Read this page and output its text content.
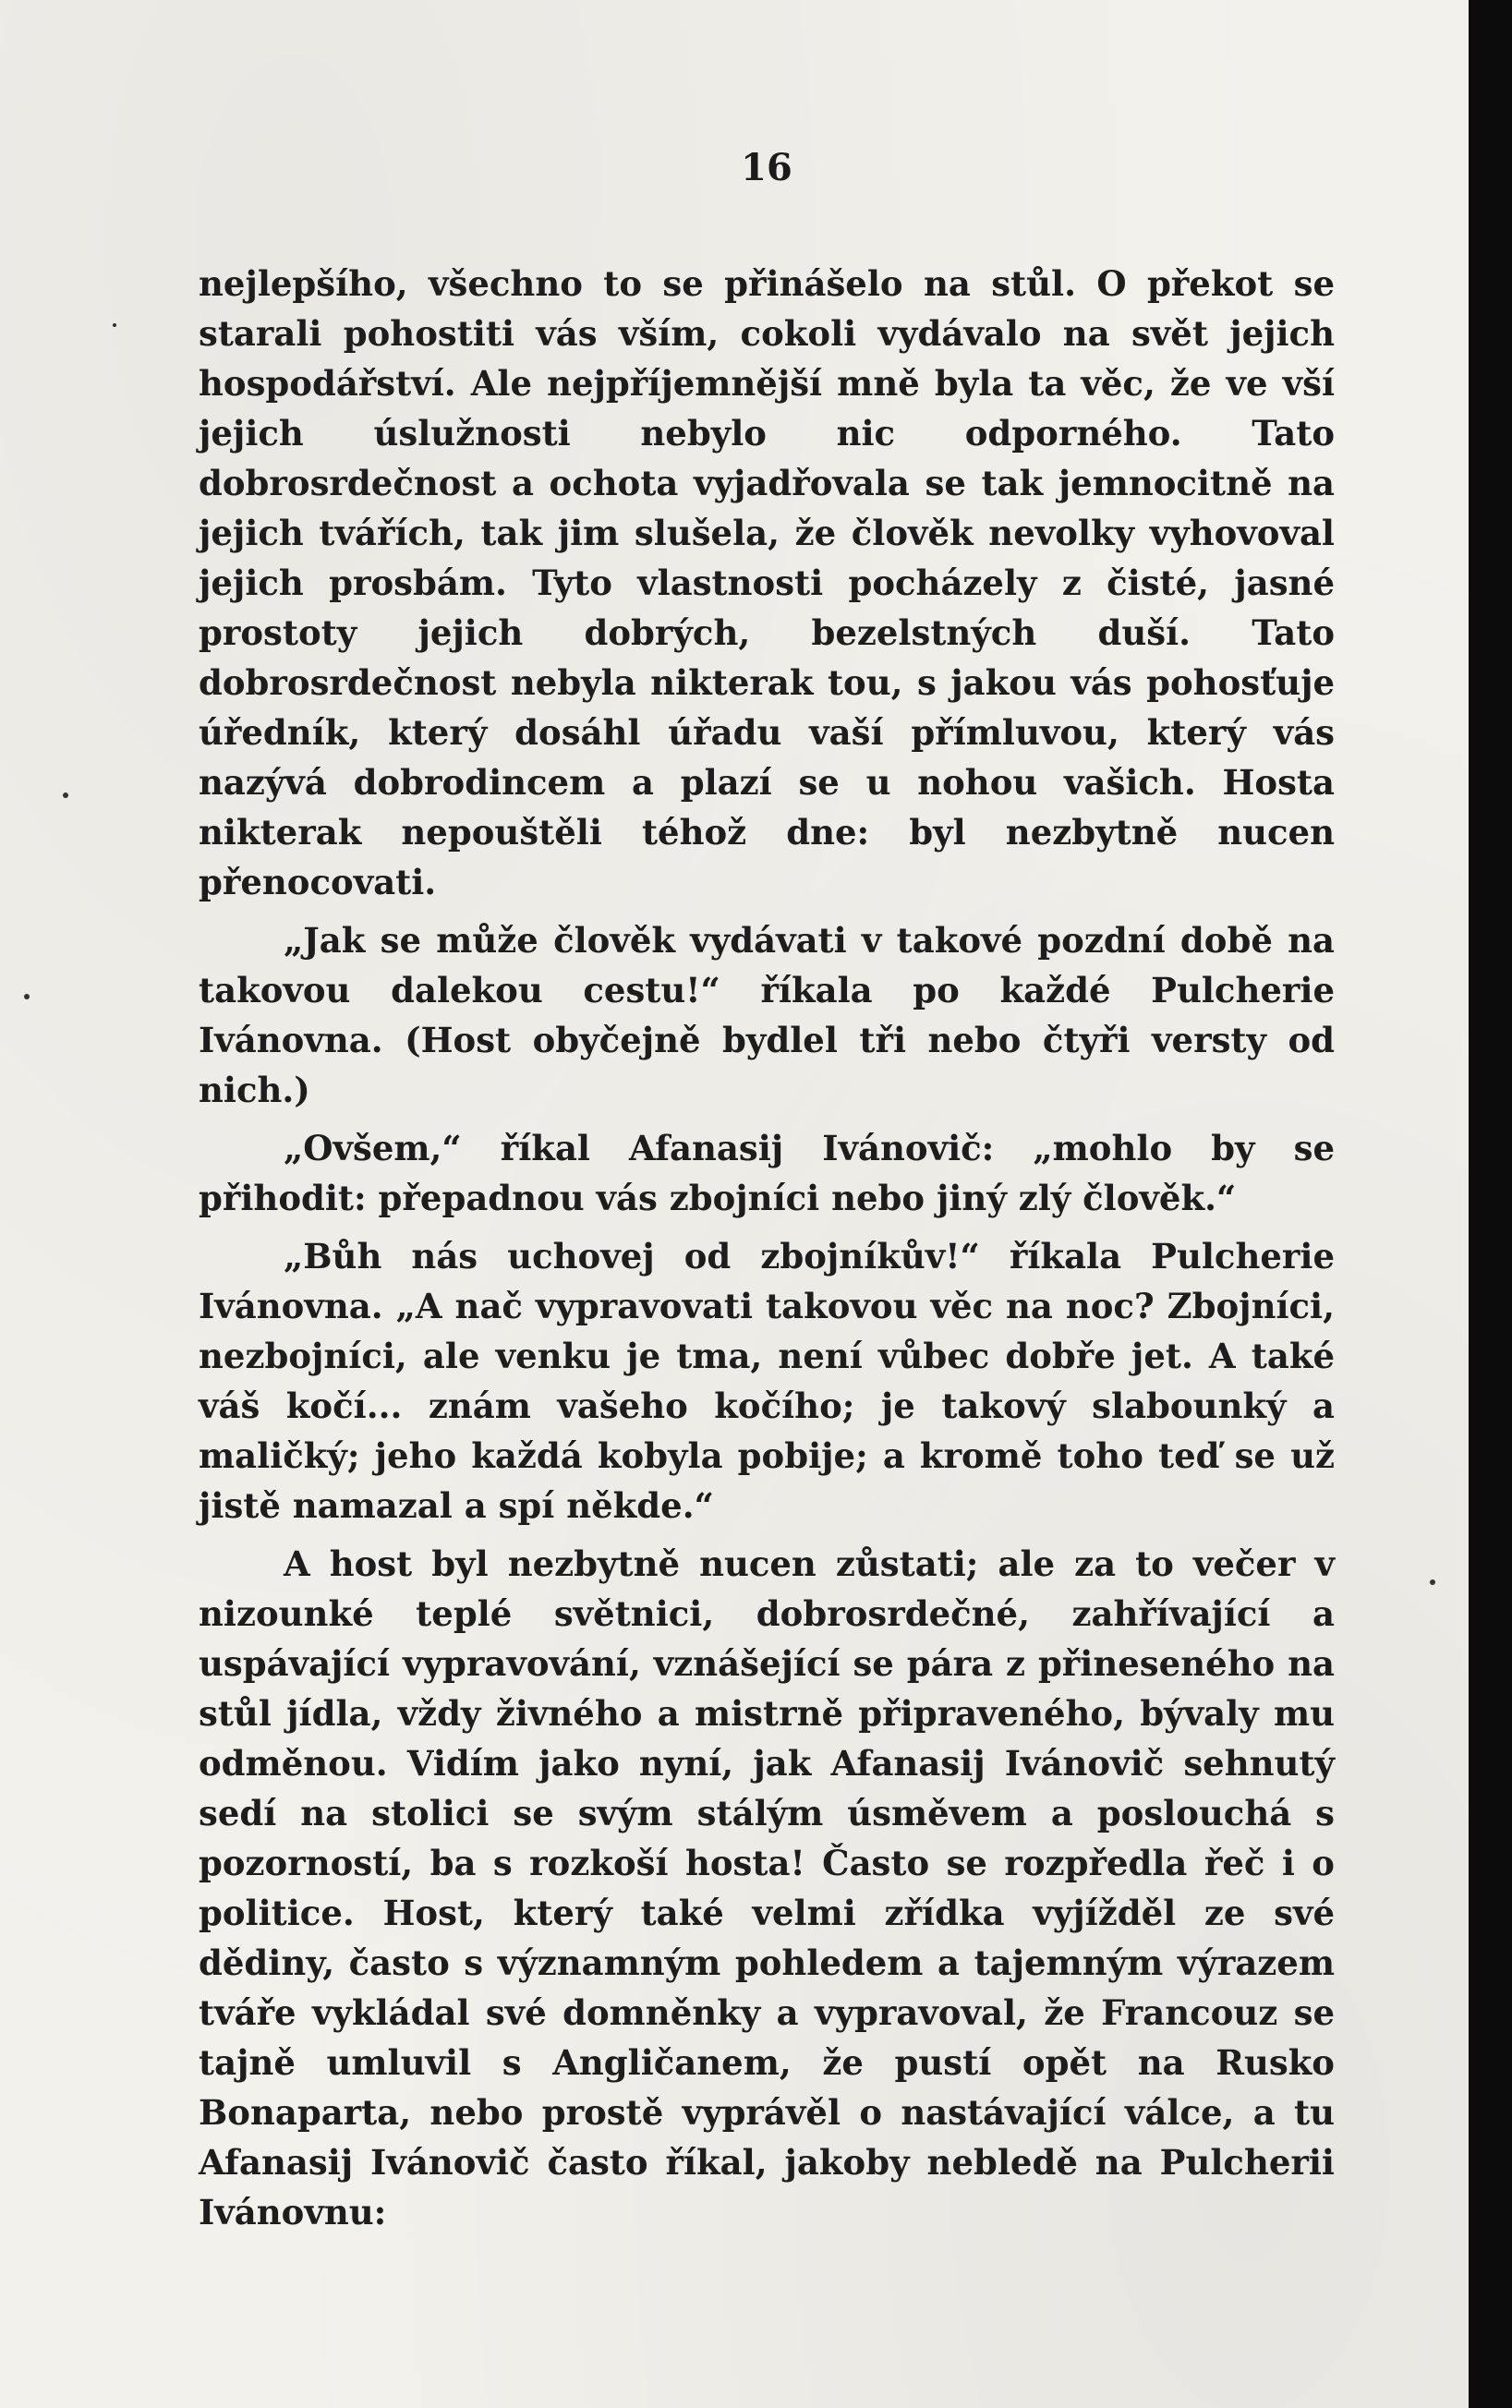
16

nejlepšího, všechno to se přinášelo na stůl. O překot se starali pohostiti vás vším, cokoli vydávalo na svět jejich hospodářství. Ale nejpříjemnější mně byla ta věc, že ve vší jejich úslužnosti nebylo nic odporného. Tato dobrosrdečnost a ochota vyjadřovala se tak jemnocitně na jejich tvářích, tak jim slušela, že člověk nevolky vyhovoval jejich prosbám. Tyto vlastnosti pocházely z čisté, jasné prostoty jejich dobrých, bezelstných duší. Tato dobrosrdečnost nebyla nikterak tou, s jakou vás pohosťuje úředník, který dosáhl úřadu vaší přímluvou, který vás nazývá dobrodincem a plazí se u nohou vašich. Hosta nikterak nepouštěli téhož dne: byl nezbytně nucen přenocovati.

„Jak se může člověk vydávati v takové pozdní době na takovou dalekou cestu!“ říkala po každé Pulcherie Ivánovna. (Host obyčejně bydlel tři nebo čtyři versty od nich.)

„Ovšem,“ říkal Afanasij Ivánovič: „mohlo by se přihodit: přepadnou vás zbojníci nebo jiný zlý člověk.“

„Bůh nás uchovej od zbojníkův!“ říkala Pulcherie Ivánovna. „A nač vypravovati takovou věc na noc? Zbojníci, nezbojníci, ale venku je tma, není vůbec dobře jet. A také váš kočí... znám vašeho kočího; je takový slabounký a maličký; jeho každá kobyla pobije; a kromě toho teď se už jistě namazal a spí někde.“

A host byl nezbytně nucen zůstati; ale za to večer v nizounké teplé světnici, dobrosrdečné, zahřívající a uspávající vypravování, vznášející se pára z přineseného na stůl jídla, vždy živného a mistrně připraveného, bývaly mu odměnou. Vidím jako nyní, jak Afanasij Ivánovič sehnutý sedí na stolici se svým stálým úsměvem a poslouchá s pozorností, ba s rozkoší hosta! Často se rozpředla řeč i o politice. Host, který také velmi zřídka vyjížděl ze své dědiny, často s významným pohledem a tajemným výrazem tváře vykládal své domněnky a vypravoval, že Francouz se tajně umluvil s Angličanem, že pustí opět na Rusko Bonaparta, nebo prostě vyprávěl o nastávající válce, a tu Afanasij Ivánovič často říkal, jakoby nebledě na Pulcherii Ivánovnu:
